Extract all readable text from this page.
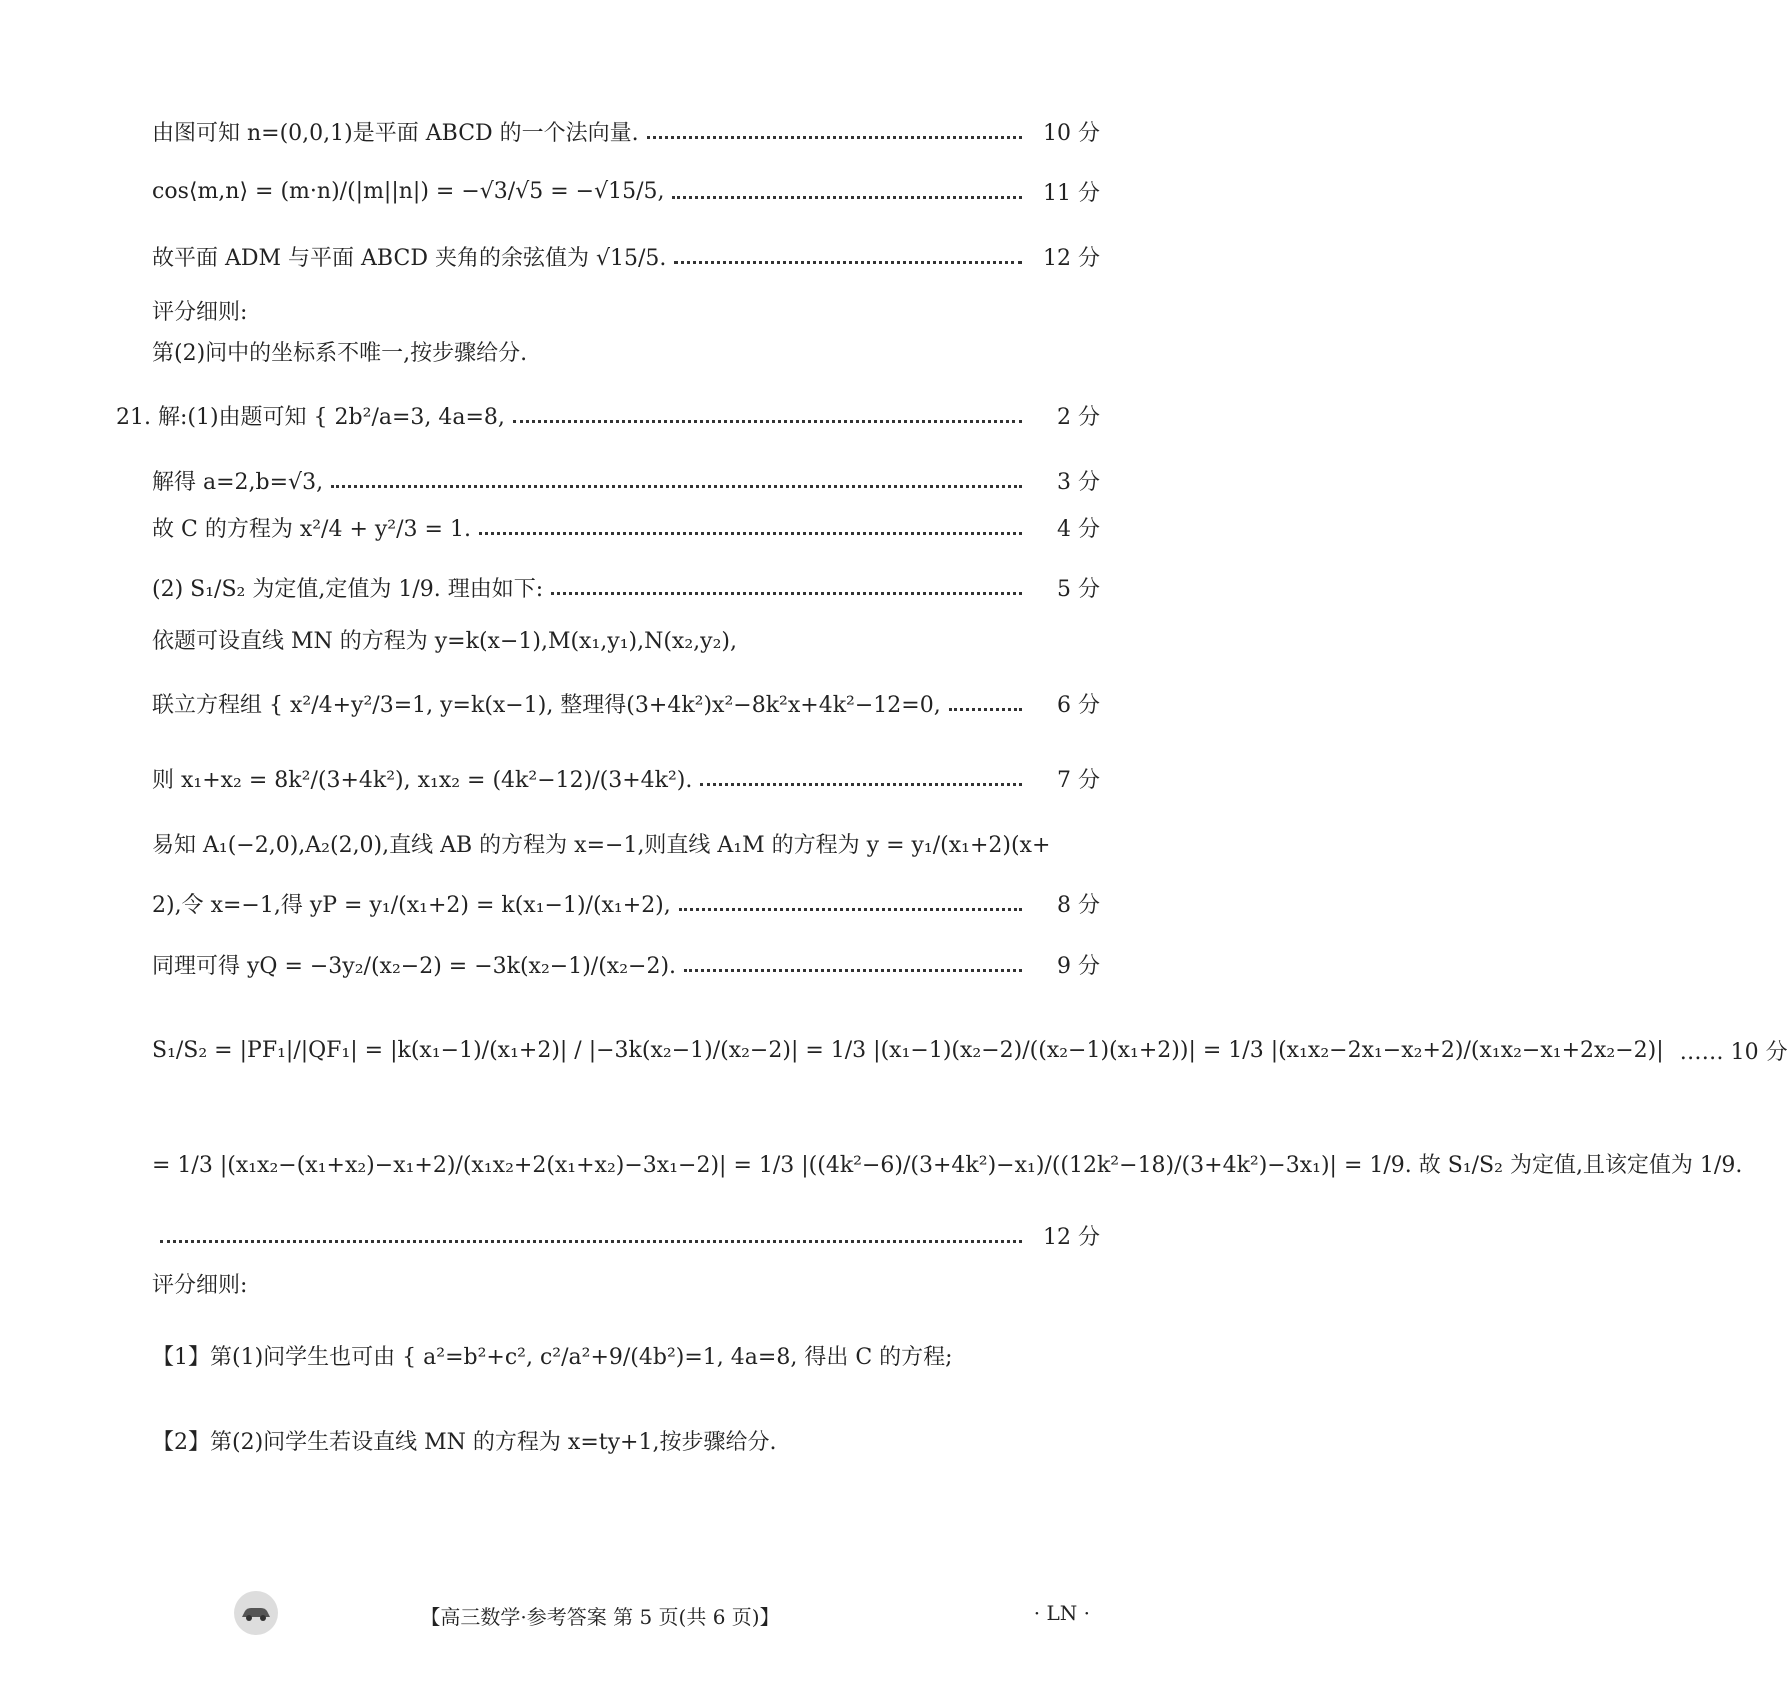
由图可知 n=(0,0,1)是平面 ABCD 的一个法向量.	10 分
cos⟨m,n⟩ = (m·n)/(|m||n|) = −√3/√5 = −√15/5,	11 分
故平面 ADM 与平面 ABCD 夹角的余弦值为 √15/5.	12 分
评分细则:
第(2)问中的坐标系不唯一,按步骤给分.
21. 解:(1)由题可知 { 2b²/a=3, 4a=8,	2 分
解得 a=2,b=√3,	3 分
故 C 的方程为 x²/4 + y²/3 = 1.	4 分
(2) S₁/S₂ 为定值,定值为 1/9. 理由如下:	5 分
依题可设直线 MN 的方程为 y=k(x−1),M(x₁,y₁),N(x₂,y₂),
联立方程组 { x²/4+y²/3=1, y=k(x−1), 整理得(3+4k²)x²−8k²x+4k²−12=0,	6 分
则 x₁+x₂ = 8k²/(3+4k²), x₁x₂ = (4k²−12)/(3+4k²).	7 分
易知 A₁(−2,0),A₂(2,0),直线 AB 的方程为 x=−1,则直线 A₁M 的方程为 y = y₁/(x₁+2)(x+
2),令 x=−1,得 yP = y₁/(x₁+2) = k(x₁−1)/(x₁+2),	8 分
同理可得 yQ = −3y₂/(x₂−2) = −3k(x₂−1)/(x₂−2).	9 分
S₁/S₂ = |PF₁|/|QF₁| = |k(x₁−1)/(x₁+2)| / |−3k(x₂−1)/(x₂−2)| = 1/3 |(x₁−1)(x₂−2)/((x₂−1)(x₁+2))| = 1/3 |(x₁x₂−2x₁−x₂+2)/(x₁x₂−x₁+2x₂−2)| …… 10 分
= 1/3 |(x₁x₂−(x₁+x₂)−x₁+2)/(x₁x₂+2(x₁+x₂)−3x₁−2)| = 1/3 |((4k²−6)/(3+4k²)−x₁)/((12k²−18)/(3+4k²)−3x₁)| = 1/9. 故 S₁/S₂ 为定值,且该定值为 1/9.
12 分
评分细则:
【1】第(1)问学生也可由 { a²=b²+c², c²/a²+9/(4b²)=1, 4a=8, 得出 C 的方程;
【2】第(2)问学生若设直线 MN 的方程为 x=ty+1,按步骤给分.
【高三数学·参考答案 第 5 页(共 6 页)】	· LN ·
